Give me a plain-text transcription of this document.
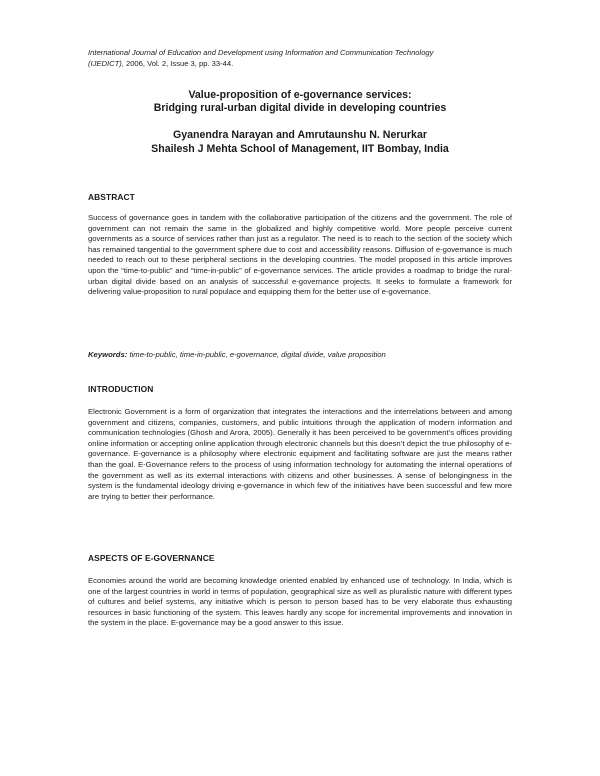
International Journal of Education and Development using Information and Communication Technology
(IJEDICT), 2006, Vol. 2, Issue 3, pp. 33-44.
Value-proposition of e-governance services:
Bridging rural-urban digital divide in developing countries
Gyanendra Narayan and Amrutaunshu N. Nerurkar
Shailesh J Mehta School of Management, IIT Bombay, India
ABSTRACT
Success of governance goes in tandem with the collaborative participation of the citizens and the government. The role of government can not remain the same in the globalized and highly competitive world. More people perceive current governments as a source of services rather than just as a regulator. The need is to reach to the section of the society which has remained tangential to the government sphere due to cost and accessibility reasons. Diffusion of e-governance is much needed to reach out to these peripheral sections in the developing countries. The model proposed in this article improves upon the “time-to-public” and “time-in-public” of e-governance services. The article provides a roadmap to bridge the rural-urban digital divide based on an analysis of successful e-governance projects. It seeks to formulate a framework for delivering value-proposition to rural populace and equipping them for the better use of e-governance.
Keywords: time-to-public, time-in-public, e-governance, digital divide, value proposition
INTRODUCTION
Electronic Government is a form of organization that integrates the interactions and the interrelations between and among government and citizens, companies, customers, and public intuitions through the application of modern information and communication technologies (Ghosh and Arora, 2005). Generally it has been perceived to be government’s offices providing online information or accepting online application through electronic channels but this doesn’t depict the true philosophy of e-governance. E-governance is a philosophy where electronic equipment and facilitating software are just the means rather than the goal. E-Governance refers to the process of using information technology for automating the internal operations of the government as well as its external interactions with citizens and other businesses. A sense of belongingness in the system is the fundamental ideology driving e-governance in which few of the initiatives have been successful and few more are trying to better their performance.
ASPECTS OF E-GOVERNANCE
Economies around the world are becoming knowledge oriented enabled by enhanced use of technology. In India, which is one of the largest countries in world in terms of population, geographical size as well as pluralistic nature with different types of cultures and belief systems, any initiative which is person to person based has to be very elaborate thus exhausting resources in basic functioning of the system. This leaves hardly any scope for incremental improvements and innovation in the system in the place. E-governance may be a good answer to this issue.
